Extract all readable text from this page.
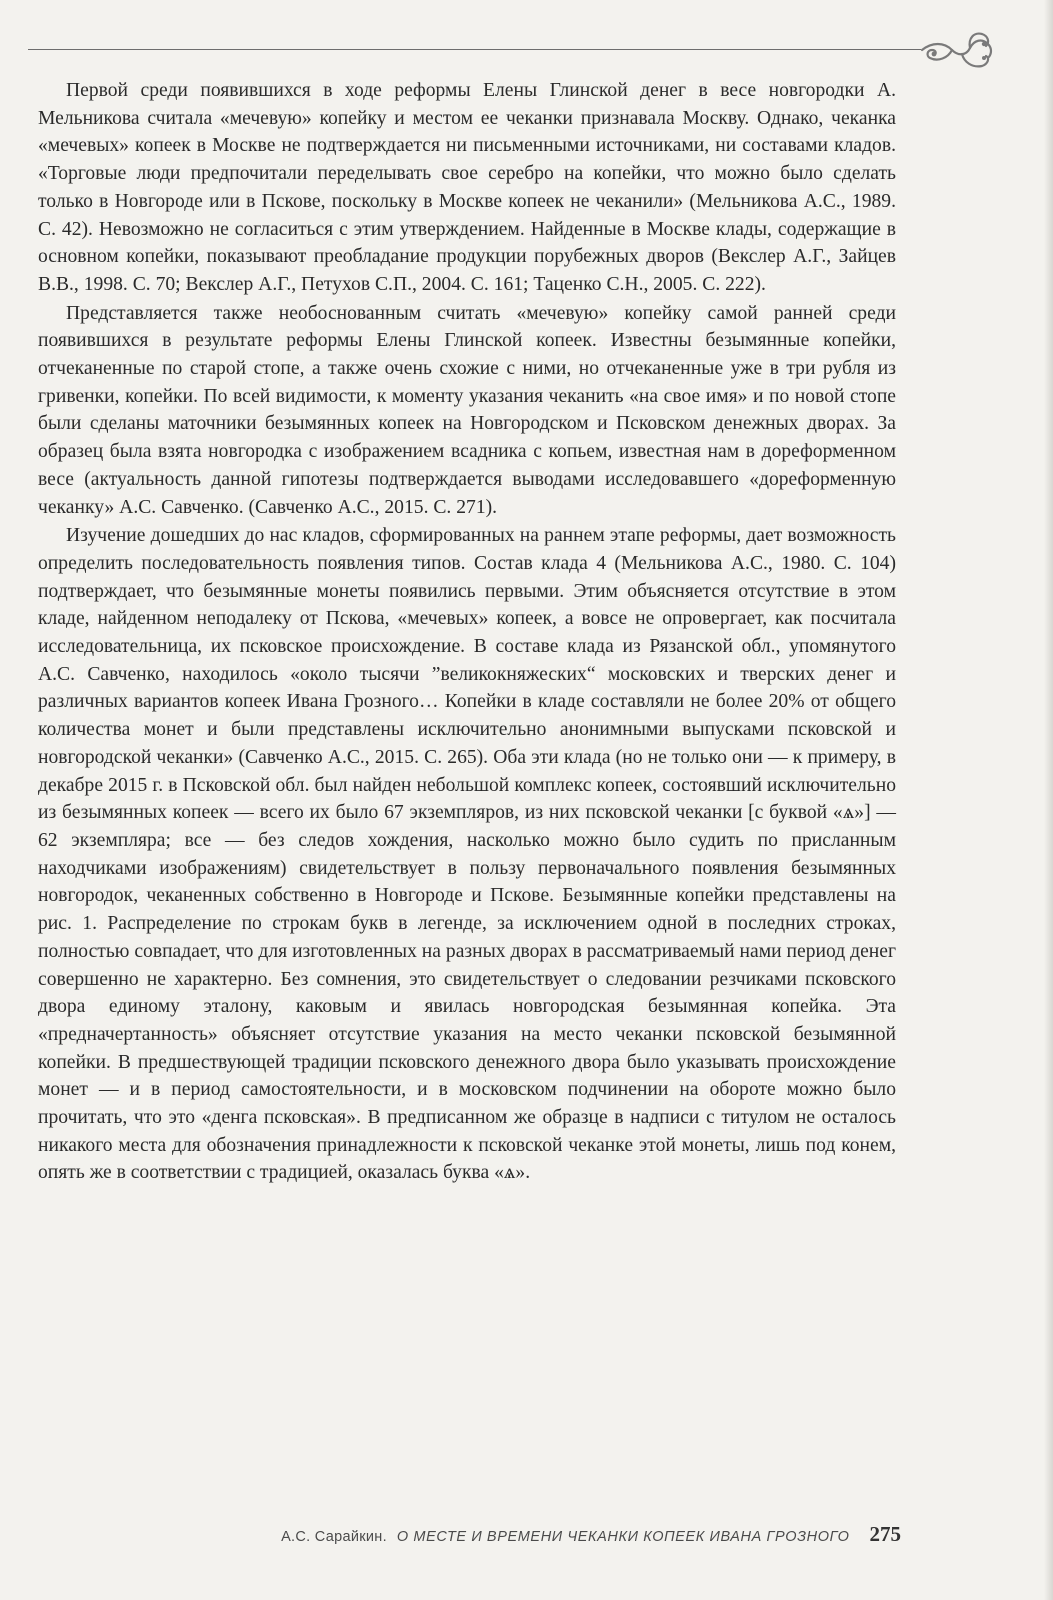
Первой среди появившихся в ходе реформы Елены Глинской денег в весе новгородки А. Мельникова считала «мечевую» копейку и местом ее чеканки признавала Москву. Однако, чеканка «мечевых» копеек в Москве не подтверждается ни письменными источниками, ни составами кладов. «Торговые люди предпочитали переделывать свое серебро на копейки, что можно было сделать только в Новгороде или в Пскове, поскольку в Москве копеек не чеканили» (Мельникова А.С., 1989. С. 42). Невозможно не согласиться с этим утверждением. Найденные в Москве клады, содержащие в основном копейки, показывают преобладание продукции порубежных дворов (Векслер А.Г., Зайцев В.В., 1998. С. 70; Векслер А.Г., Петухов С.П., 2004. С. 161; Таценко С.Н., 2005. С. 222).

Представляется также необоснованным считать «мечевую» копейку самой ранней среди появившихся в результате реформы Елены Глинской копеек. Известны безымянные копейки, отчеканенные по старой стопе, а также очень схожие с ними, но отчеканенные уже в три рубля из гривенки, копейки. По всей видимости, к моменту указания чеканить «на свое имя» и по новой стопе были сделаны маточники безымянных копеек на Новгородском и Псковском денежных дворах. За образец была взята новгородка с изображением всадника с копьем, известная нам в дореформенном весе (актуальность данной гипотезы подтверждается выводами исследовавшего «дореформенную чеканку» А.С. Савченко. (Савченко А.С., 2015. С. 271).

Изучение дошедших до нас кладов, сформированных на раннем этапе реформы, дает возможность определить последовательность появления типов. Состав клада 4 (Мельникова А.С., 1980. С. 104) подтверждает, что безымянные монеты появились первыми. Этим объясняется отсутствие в этом кладе, найденном неподалеку от Пскова, «мечевых» копеек, а вовсе не опровергает, как посчитала исследовательница, их псковское происхождение. В составе клада из Рязанской обл., упомянутого А.С. Савченко, находилось «около тысячи ”великокняжеских“ московских и тверских денег и различных вариантов копеек Ивана Грозного… Копейки в кладе составляли не более 20% от общего количества монет и были представлены исключительно анонимными выпусками псковской и новгородской чеканки» (Савченко А.С., 2015. С. 265). Оба эти клада (но не только они — к примеру, в декабре 2015 г. в Псковской обл. был найден небольшой комплекс копеек, состоявший исключительно из безымянных копеек — всего их было 67 экземпляров, из них псковской чеканки [с буквой «ѧ»] — 62 экземпляра; все — без следов хождения, насколько можно было судить по присланным находчиками изображениям) свидетельствует в пользу первоначального появления безымянных новгородок, чеканенных собственно в Новгороде и Пскове. Безымянные копейки представлены на рис. 1. Распределение по строкам букв в легенде, за исключением одной в последних строках, полностью совпадает, что для изготовленных на разных дворах в рассматриваемый нами период денег совершенно не характерно. Без сомнения, это свидетельствует о следовании резчиками псковского двора единому эталону, каковым и явилась новгородская безымянная копейка. Эта «предначертанность» объясняет отсутствие указания на место чеканки псковской безымянной копейки. В предшествующей традиции псковского денежного двора было указывать происхождение монет — и в период самостоятельности, и в московском подчинении на обороте можно было прочитать, что это «денга псковская». В предписанном же образце в надписи с титулом не осталось никакого места для обозначения принадлежности к псковской чеканке этой монеты, лишь под конем, опять же в соответствии с традицией, оказалась буква «ѧ».

А.С. Сарайкин. О МЕСТЕ И ВРЕМЕНИ ЧЕКАНКИ КОПЕЕК ИВАНА ГРОЗНОГО 275
